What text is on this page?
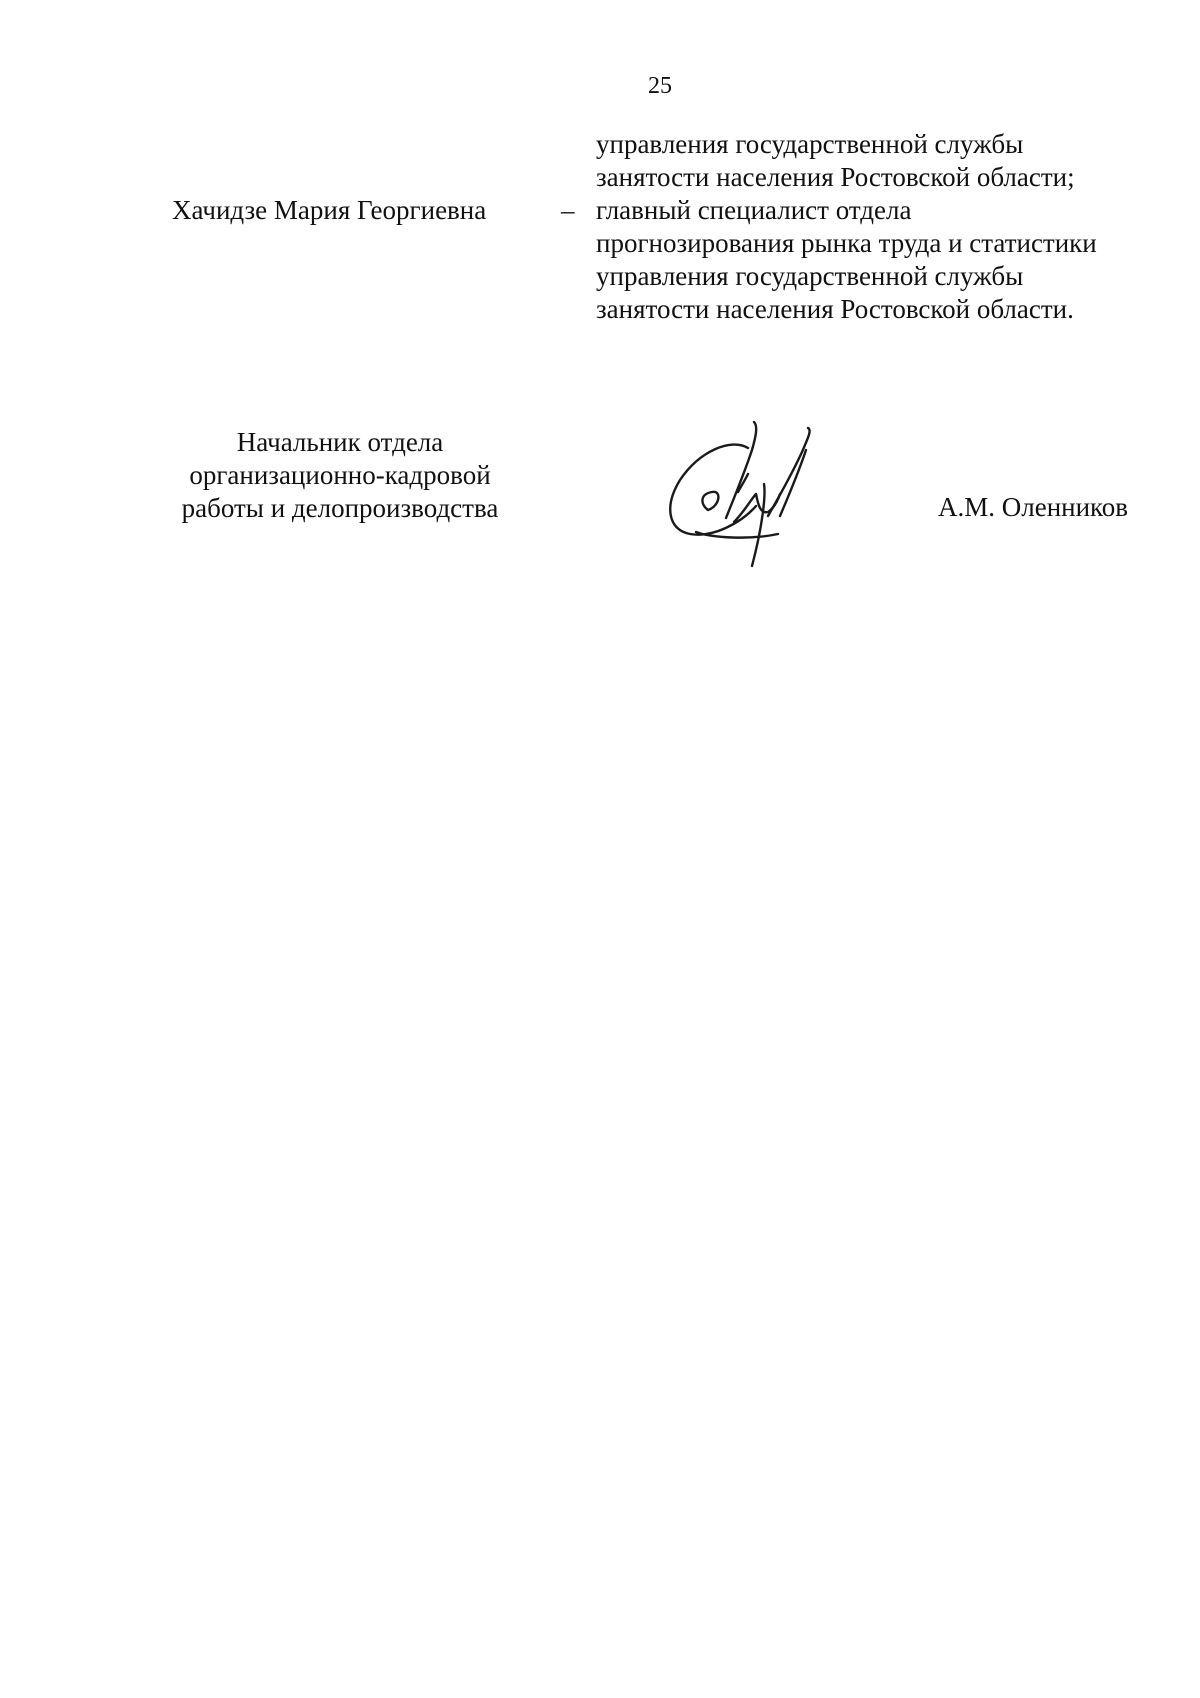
25
управления государственной службы
занятости населения Ростовской области;
Хачидзе Мария Георгиевна	– главный специалист отдела
прогнозирования рынка труда и статистики
управления государственной службы
занятости населения Ростовской области.
Начальник отдела
организационно-кадровой
работы и делопроизводства	А.М. Оленников
